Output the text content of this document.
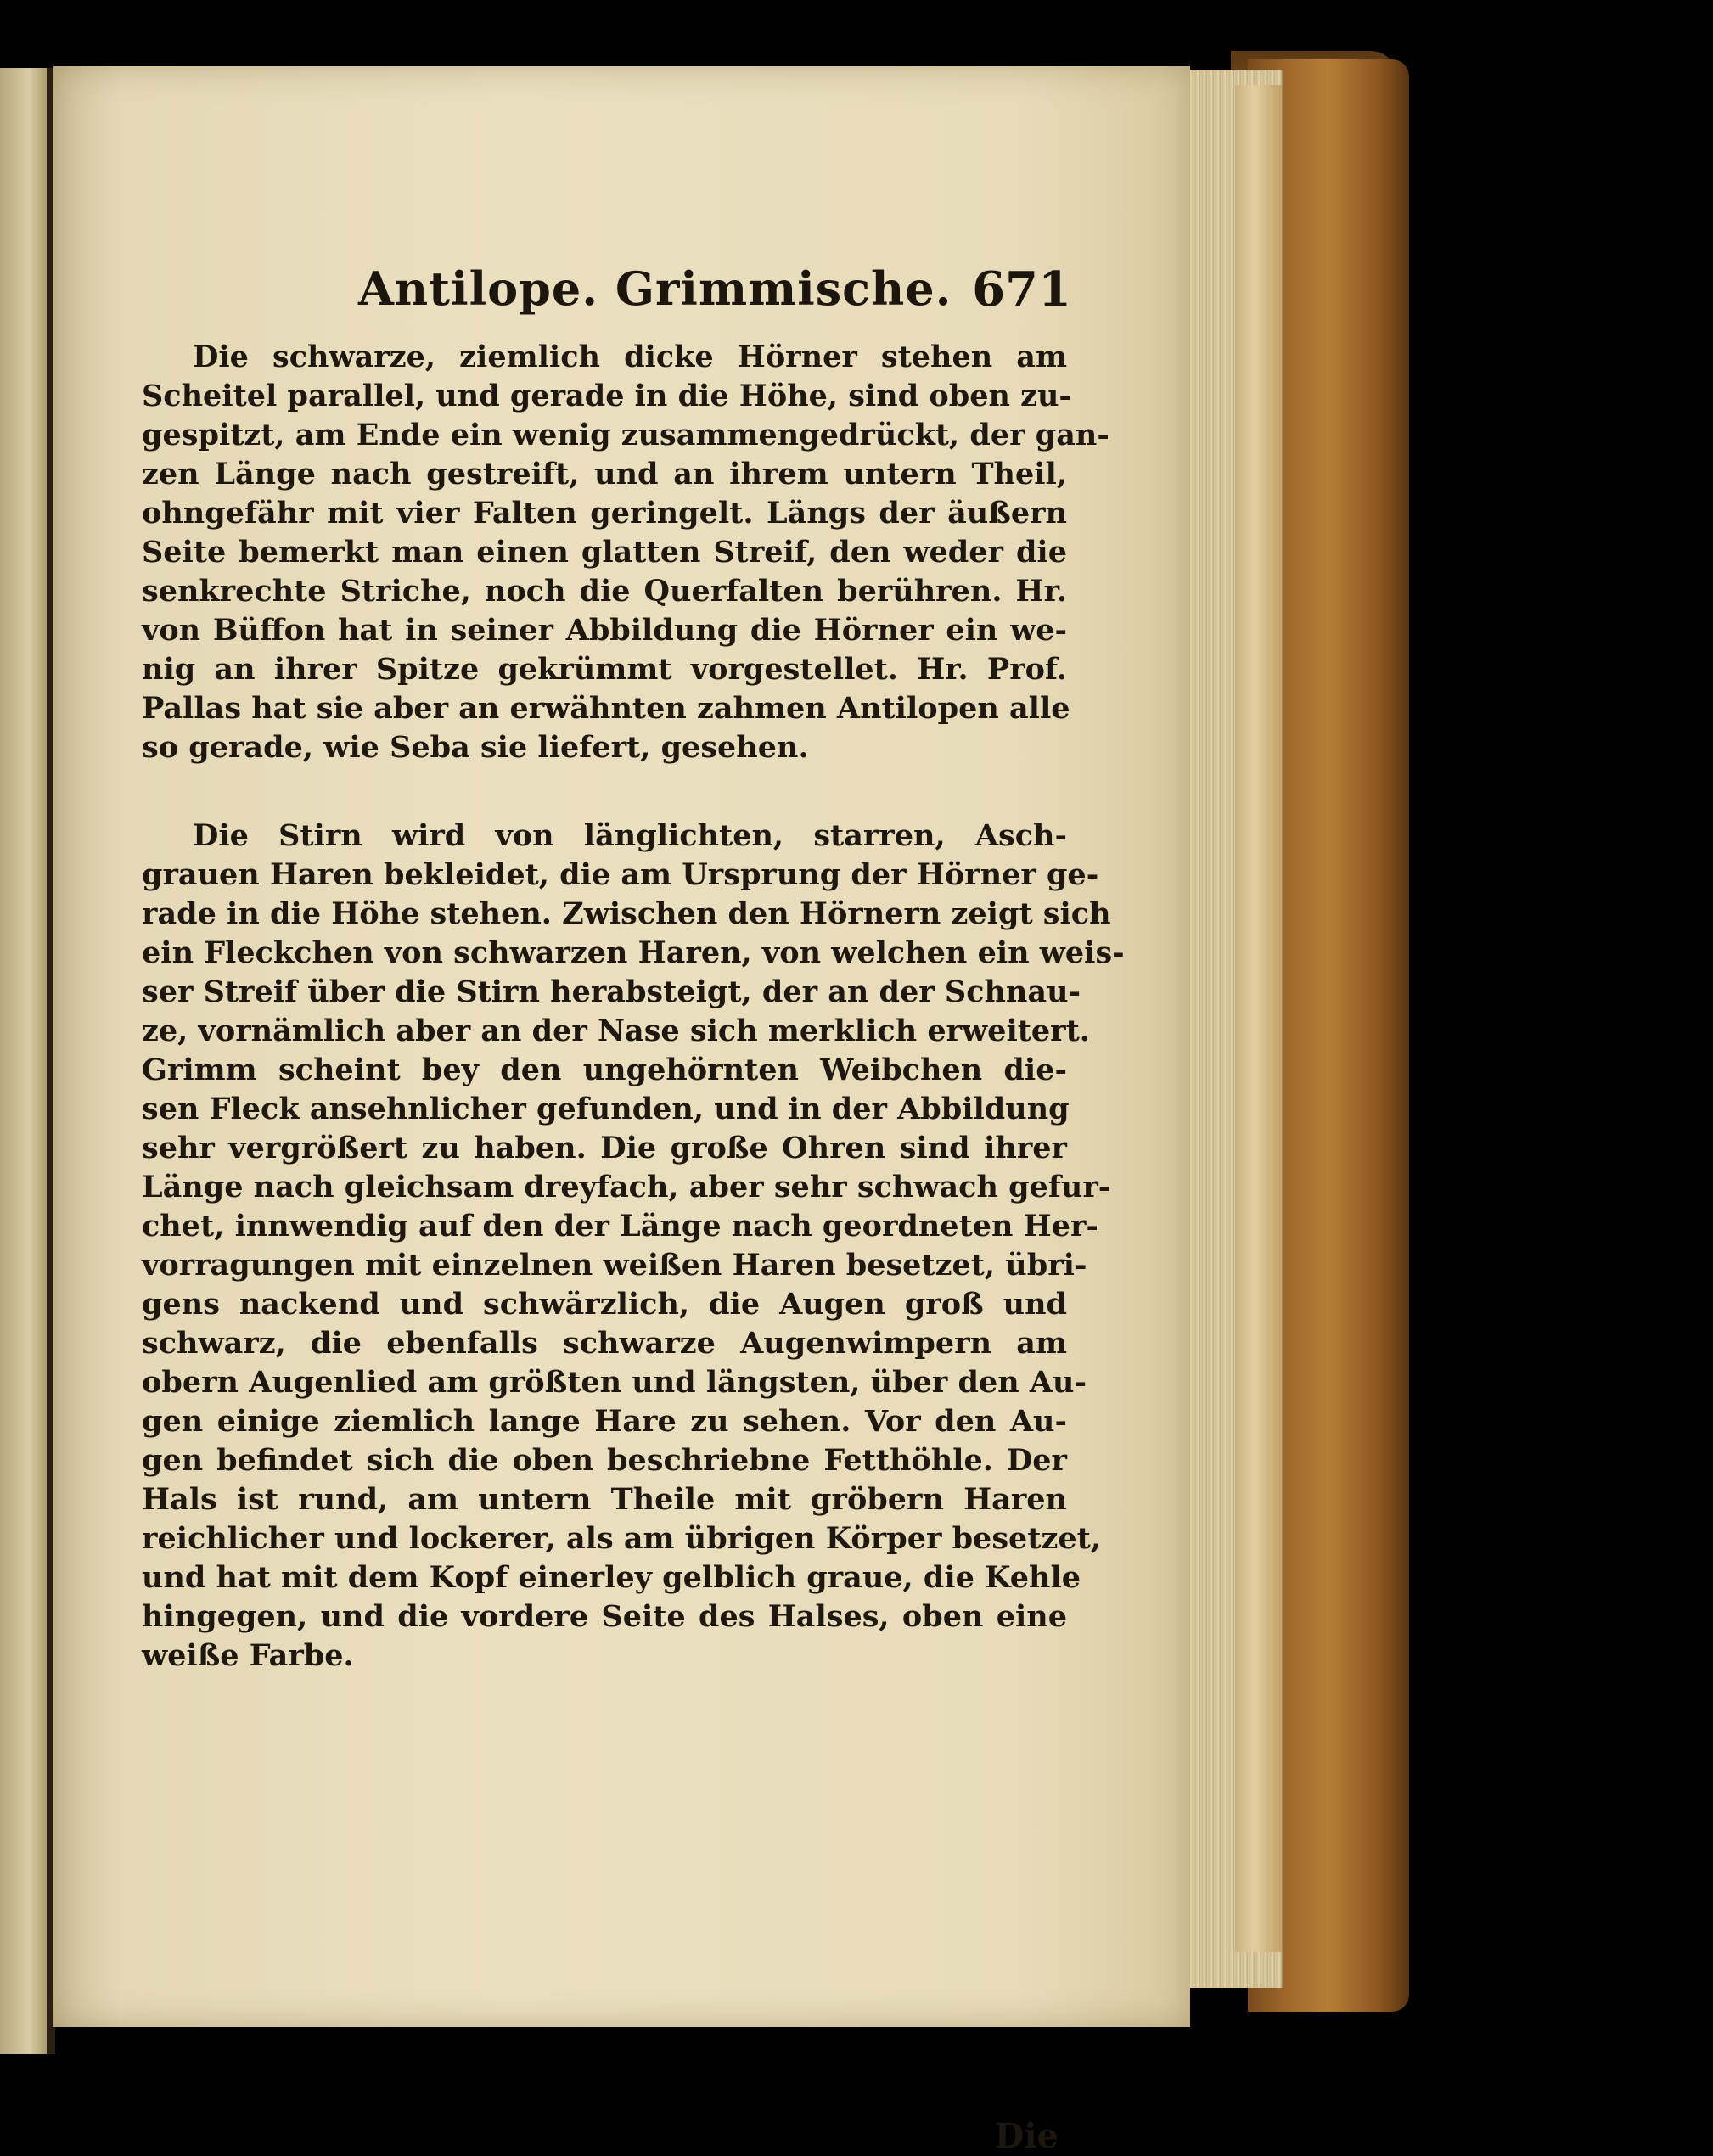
Antilope. Grimmische. 671
Die schwarze, ziemlich dicke Hörner stehen am
Scheitel parallel, und gerade in die Höhe, sind oben zu-
gespitzt, am Ende ein wenig zusammengedrückt, der gan-
zen Länge nach gestreift, und an ihrem untern Theil,
ohngefähr mit vier Falten geringelt. Längs der äußern
Seite bemerkt man einen glatten Streif, den weder die
senkrechte Striche, noch die Querfalten berühren. Hr.
von Büffon hat in seiner Abbildung die Hörner ein we-
nig an ihrer Spitze gekrümmt vorgestellet. Hr. Prof.
Pallas hat sie aber an erwähnten zahmen Antilopen alle
so gerade, wie Seba sie liefert, gesehen.
Die Stirn wird von länglichten, starren, Asch-
grauen Haren bekleidet, die am Ursprung der Hörner ge-
rade in die Höhe stehen. Zwischen den Hörnern zeigt sich
ein Fleckchen von schwarzen Haren, von welchen ein weis-
ser Streif über die Stirn herabsteigt, der an der Schnau-
ze, vornämlich aber an der Nase sich merklich erweitert.
Grimm scheint bey den ungehörnten Weibchen die-
sen Fleck ansehnlicher gefunden, und in der Abbildung
sehr vergrößert zu haben. Die große Ohren sind ihrer
Länge nach gleichsam dreyfach, aber sehr schwach gefur-
chet, innwendig auf den der Länge nach geordneten Her-
vorragungen mit einzelnen weißen Haren besetzet, übri-
gens nackend und schwärzlich, die Augen groß und
schwarz, die ebenfalls schwarze Augenwimpern am
obern Augenlied am größten und längsten, über den Au-
gen einige ziemlich lange Hare zu sehen. Vor den Au-
gen befindet sich die oben beschriebne Fetthöhle. Der
Hals ist rund, am untern Theile mit gröbern Haren
reichlicher und lockerer, als am übrigen Körper besetzet,
und hat mit dem Kopf einerley gelblich graue, die Kehle
hingegen, und die vordere Seite des Halses, oben eine
weiße Farbe.
Die
